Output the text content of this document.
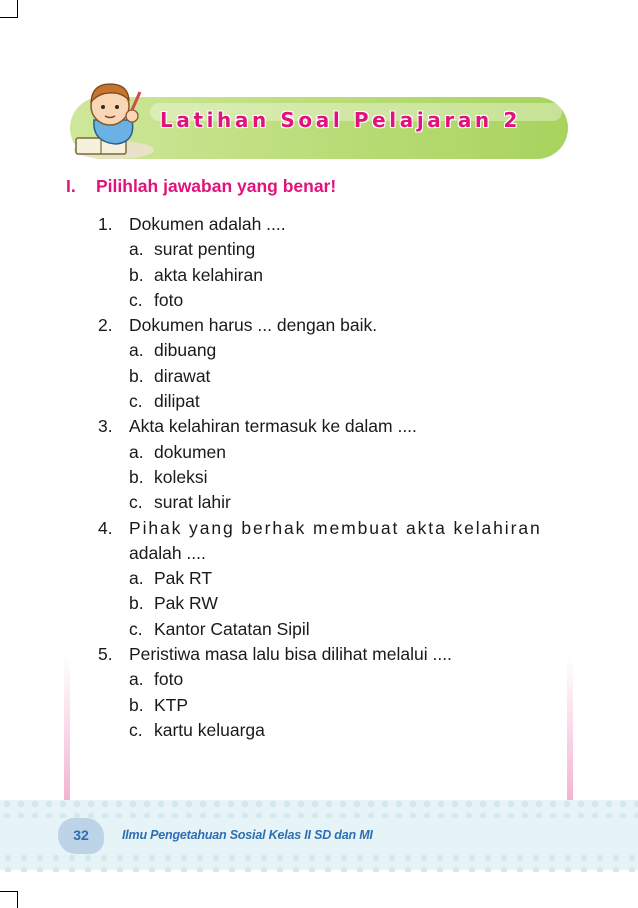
Latihan Soal Pelajaran 2
I. Pilihlah jawaban yang benar!
1. Dokumen adalah ....
a. surat penting
b. akta kelahiran
c. foto
2. Dokumen harus ... dengan baik.
a. dibuang
b. dirawat
c. dilipat
3. Akta kelahiran termasuk ke dalam ....
a. dokumen
b. koleksi
c. surat lahir
4. Pihak yang berhak membuat akta kelahiran
adalah ....
a. Pak RT
b. Pak RW
c. Kantor Catatan Sipil
5. Peristiwa masa lalu bisa dilihat melalui ....
a. foto
b. KTP
c. kartu keluarga
32	Ilmu Pengetahuan Sosial Kelas II SD dan MI
